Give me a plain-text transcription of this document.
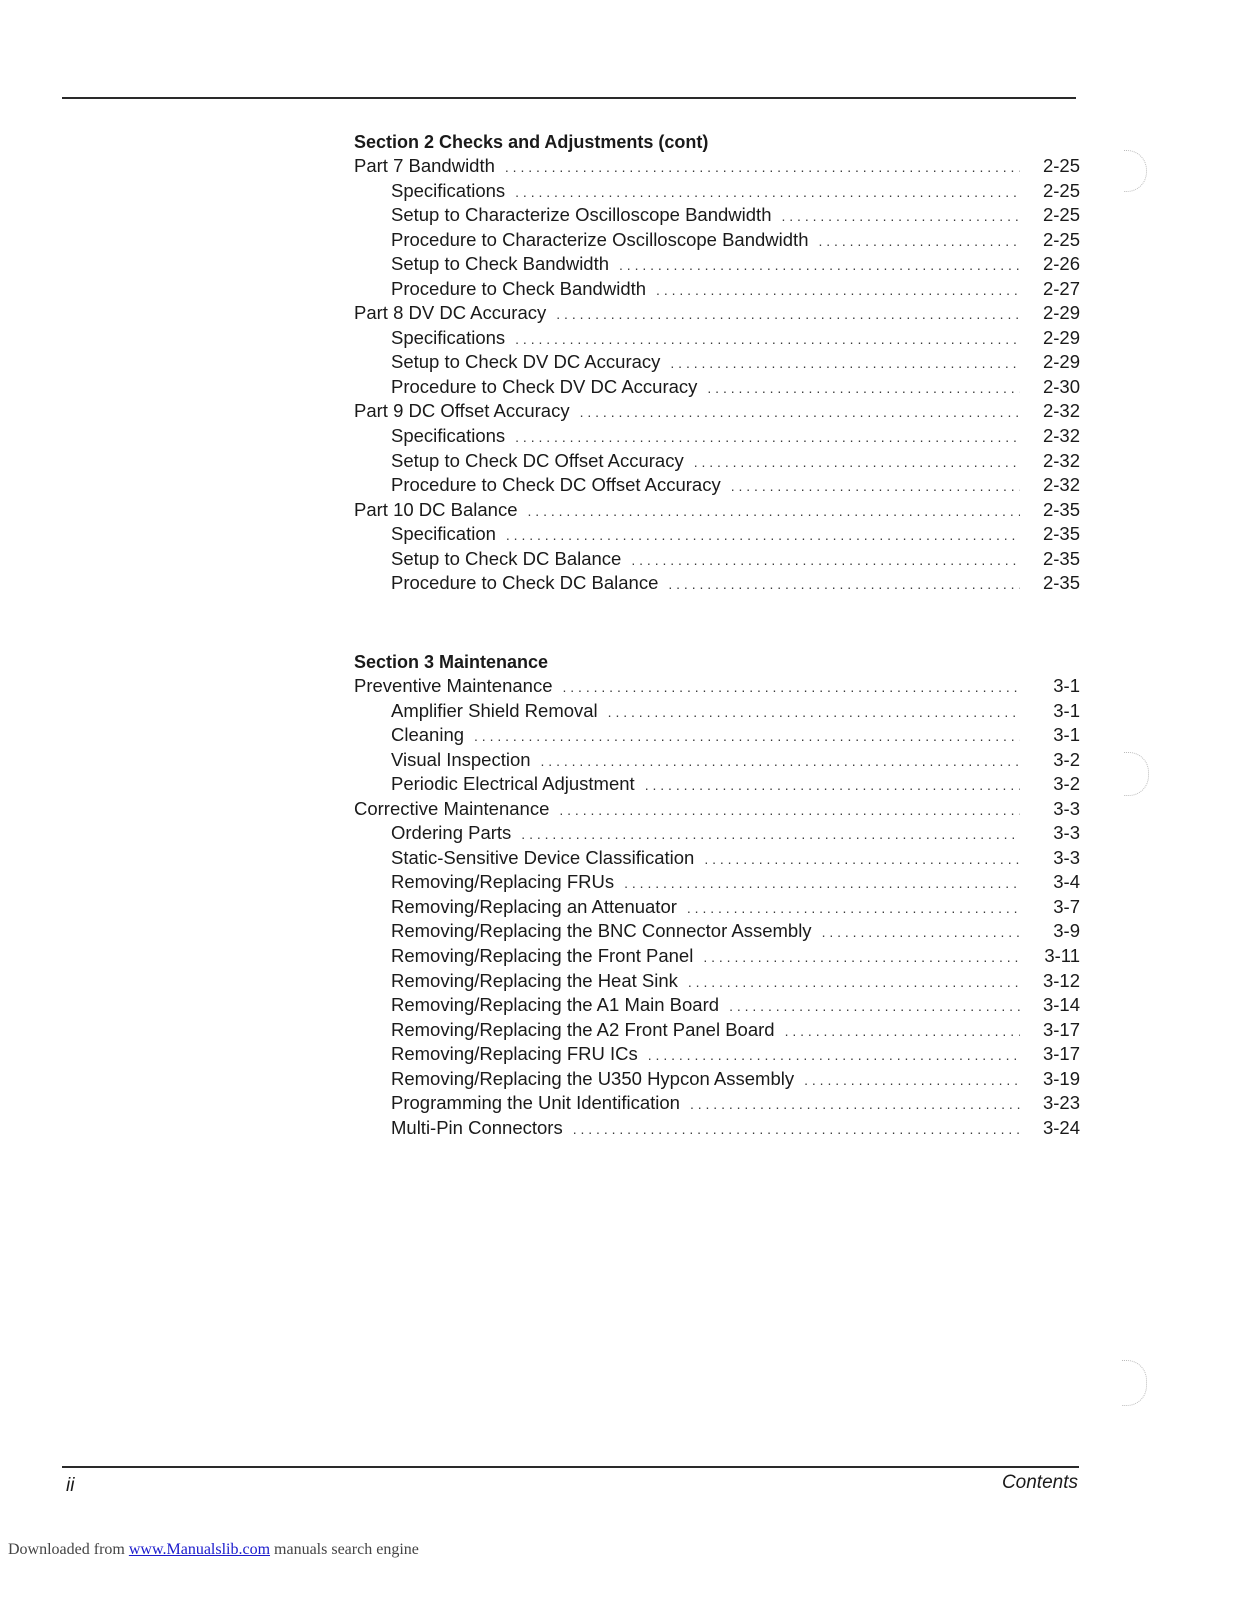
Section 2 Checks and Adjustments (cont)
Part 7 Bandwidth . . .	2-25
Specifications . . .	2-25
Setup to Characterize Oscilloscope Bandwidth . . .	2-25
Procedure to Characterize Oscilloscope Bandwidth . . .	2-25
Setup to Check Bandwidth . . .	2-26
Procedure to Check Bandwidth . . .	2-27
Part 8 DV DC Accuracy . . .	2-29
Specifications . . .	2-29
Setup to Check DV DC Accuracy . . .	2-29
Procedure to Check DV DC Accuracy . . .	2-30
Part 9 DC Offset Accuracy . . .	2-32
Specifications . . .	2-32
Setup to Check DC Offset Accuracy . . .	2-32
Procedure to Check DC Offset Accuracy . . .	2-32
Part 10 DC Balance . . .	2-35
Specification . . .	2-35
Setup to Check DC Balance . . .	2-35
Procedure to Check DC Balance . . .	2-35
Section 3 Maintenance
Preventive Maintenance . . .	3-1
Amplifier Shield Removal . . .	3-1
Cleaning . . .	3-1
Visual Inspection . . .	3-2
Periodic Electrical Adjustment . . .	3-2
Corrective Maintenance . . .	3-3
Ordering Parts . . .	3-3
Static-Sensitive Device Classification . . .	3-3
Removing/Replacing FRUs . . .	3-4
Removing/Replacing an Attenuator . . .	3-7
Removing/Replacing the BNC Connector Assembly . . .	3-9
Removing/Replacing the Front Panel . . .	3-11
Removing/Replacing the Heat Sink . . .	3-12
Removing/Replacing the A1 Main Board . . .	3-14
Removing/Replacing the A2 Front Panel Board . . .	3-17
Removing/Replacing FRU ICs . . .	3-17
Removing/Replacing the U350 Hypcon Assembly . . .	3-19
Programming the Unit Identification . . .	3-23
Multi-Pin Connectors . . .	3-24
ii	Contents
Downloaded from www.Manualslib.com manuals search engine
